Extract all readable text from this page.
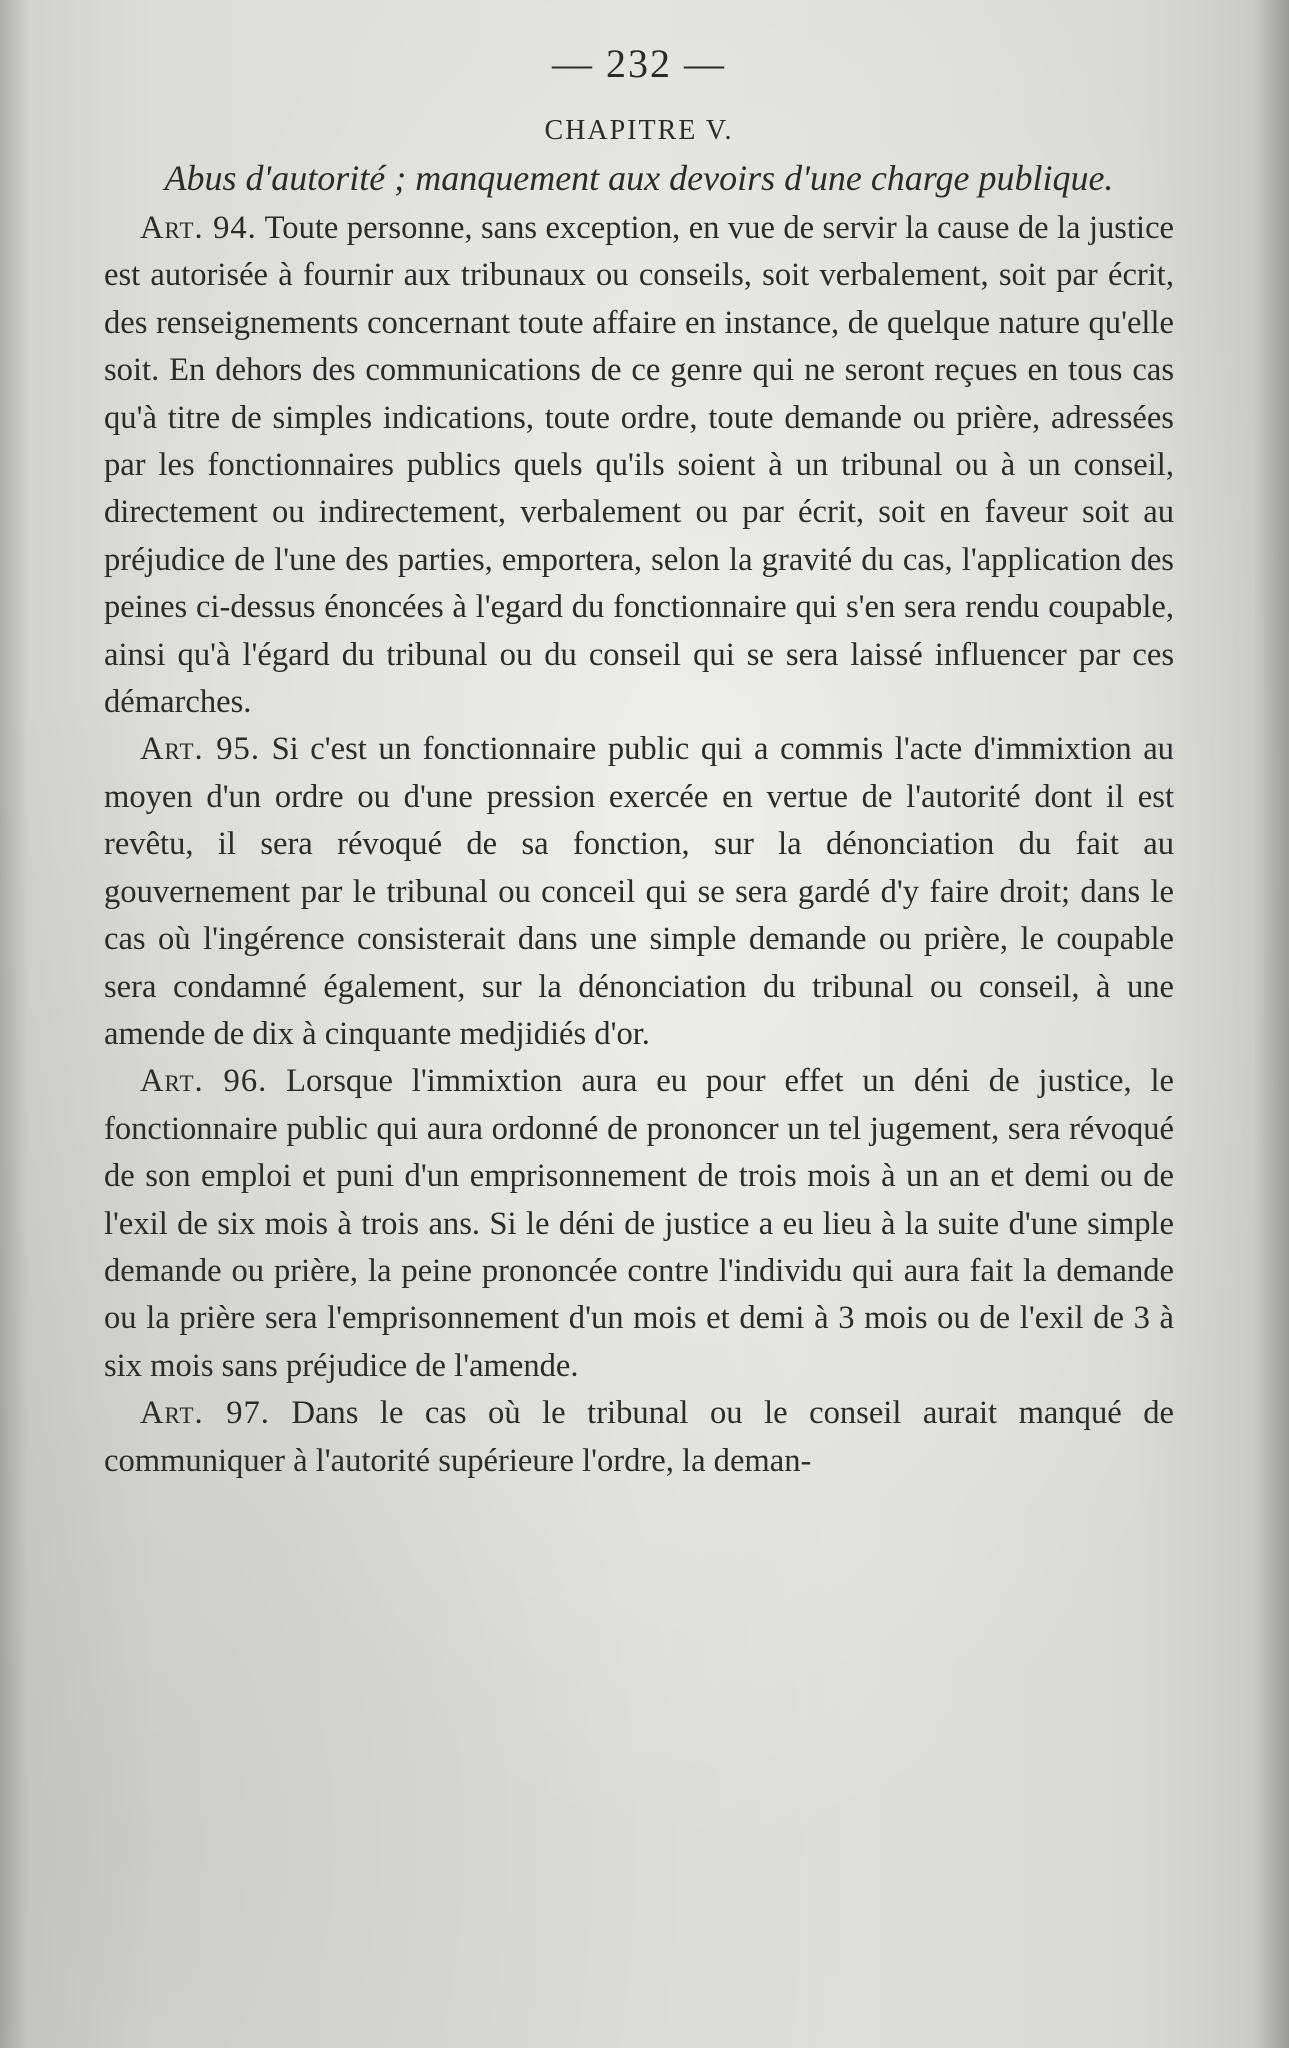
— 232 —
CHAPITRE V.
Abus d'autorité ; manquement aux devoirs d'une charge publique.

Art. 94. Toute personne, sans exception, en vue de servir la cause de la justice est autorisée à fournir aux tribunaux ou conseils, soit verbalement, soit par écrit, des renseignements concernant toute affaire en instance, de quelque nature qu'elle soit. En dehors des communications de ce genre qui ne seront reçues en tous cas qu'à titre de simples indications, toute ordre, toute demande ou prière, adressées par les fonctionnaires publics quels qu'ils soient à un tribunal ou à un conseil, directement ou indirectement, verbalement ou par écrit, soit en faveur soit au préjudice de l'une des parties, emportera, selon la gravité du cas, l'application des peines ci-dessus énoncées à l'egard du fonctionnaire qui s'en sera rendu coupable, ainsi qu'à l'égard du tribunal ou du conseil qui se sera laissé influencer par ces démarches.

Art. 95. Si c'est un fonctionnaire public qui a commis l'acte d'immixtion au moyen d'un ordre ou d'une pression exercée en vertue de l'autorité dont il est revêtu, il sera révoqué de sa fonction, sur la dénonciation du fait au gouvernement par le tribunal ou conceil qui se sera gardé d'y faire droit; dans le cas où l'ingérence consisterait dans une simple demande ou prière, le coupable sera condamné également, sur la dénonciation du tribunal ou conseil, à une amende de dix à cinquante medjidiés d'or.

Art. 96. Lorsque l'immixtion aura eu pour effet un déni de justice, le fonctionnaire public qui aura ordonné de prononcer un tel jugement, sera révoqué de son emploi et puni d'un emprisonnement de trois mois à un an et demi ou de l'exil de six mois à trois ans. Si le déni de justice a eu lieu à la suite d'une simple demande ou prière, la peine prononcée contre l'individu qui aura fait la demande ou la prière sera l'emprisonnement d'un mois et demi à 3 mois ou de l'exil de 3 à six mois sans préjudice de l'amende.

Art. 97. Dans le cas où le tribunal ou le conseil aurait manqué de communiquer à l'autorité supérieure l'ordre, la deman-
